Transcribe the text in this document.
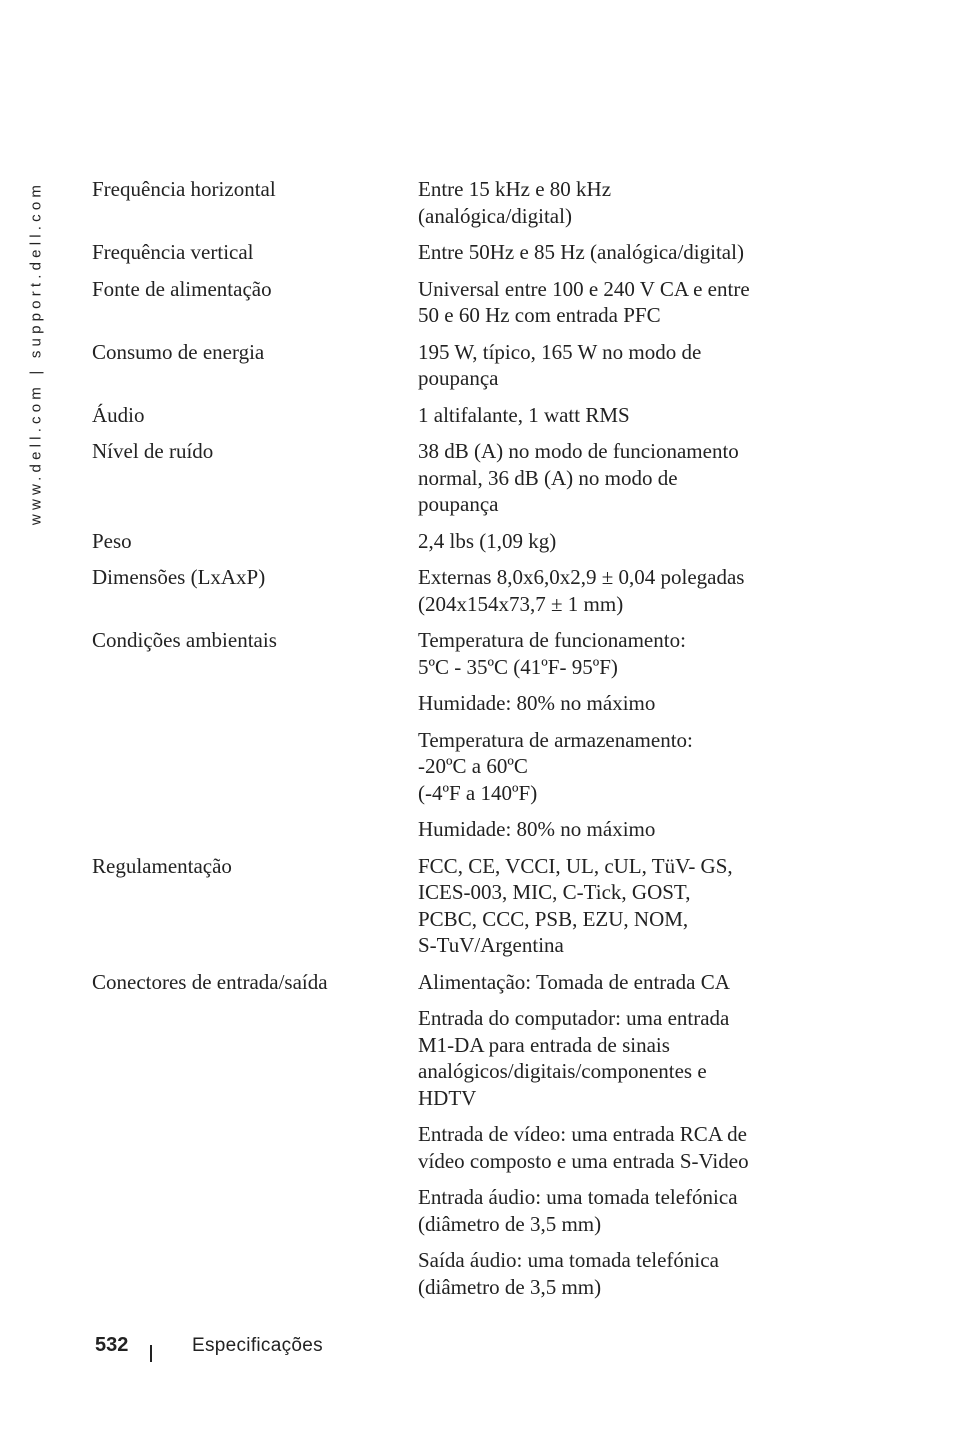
www.dell.com | support.dell.com Frequência horizontal	Entre 15 kHz e 80 kHz
(analógica/digital)
Frequência vertical	Entre 50Hz e 85 Hz (analógica/digital)
Fonte de alimentação	Universal entre 100 e 240 V CA e entre
50 e 60 Hz com entrada PFC
Consumo de energia	195 W, típico, 165 W no modo de
poupança
Áudio	1 altifalante, 1 watt RMS
Nível de ruído	38 dB (A) no modo de funcionamento
normal, 36 dB (A) no modo de
poupança
Peso	2,4 lbs (1,09 kg)
Dimensões (LxAxP)	Externas 8,0x6,0x2,9 ± 0,04 polegadas
(204x154x73,7 ± 1 mm)
Condições ambientais	Temperatura de funcionamento:
5ºC - 35ºC (41ºF- 95ºF)
Humidade: 80% no máximo
Temperatura de armazenamento:
-20ºC a 60ºC
(-4ºF a 140ºF)
Humidade: 80% no máximo
Regulamentação	FCC, CE, VCCI, UL, cUL, TüV- GS,
ICES-003, MIC, C-Tick, GOST,
PCBC, CCC, PSB, EZU, NOM,
S-TuV/Argentina
Conectores de entrada/saída	Alimentação: Tomada de entrada CA
Entrada do computador: uma entrada
M1-DA para entrada de sinais
analógicos/digitais/componentes e
HDTV
Entrada de vídeo: uma entrada RCA de
vídeo composto e uma entrada S-Video
Entrada áudio: uma tomada telefónica
(diâmetro de 3,5 mm)
Saída áudio: uma tomada telefónica
(diâmetro de 3,5 mm)
532	Especificações
